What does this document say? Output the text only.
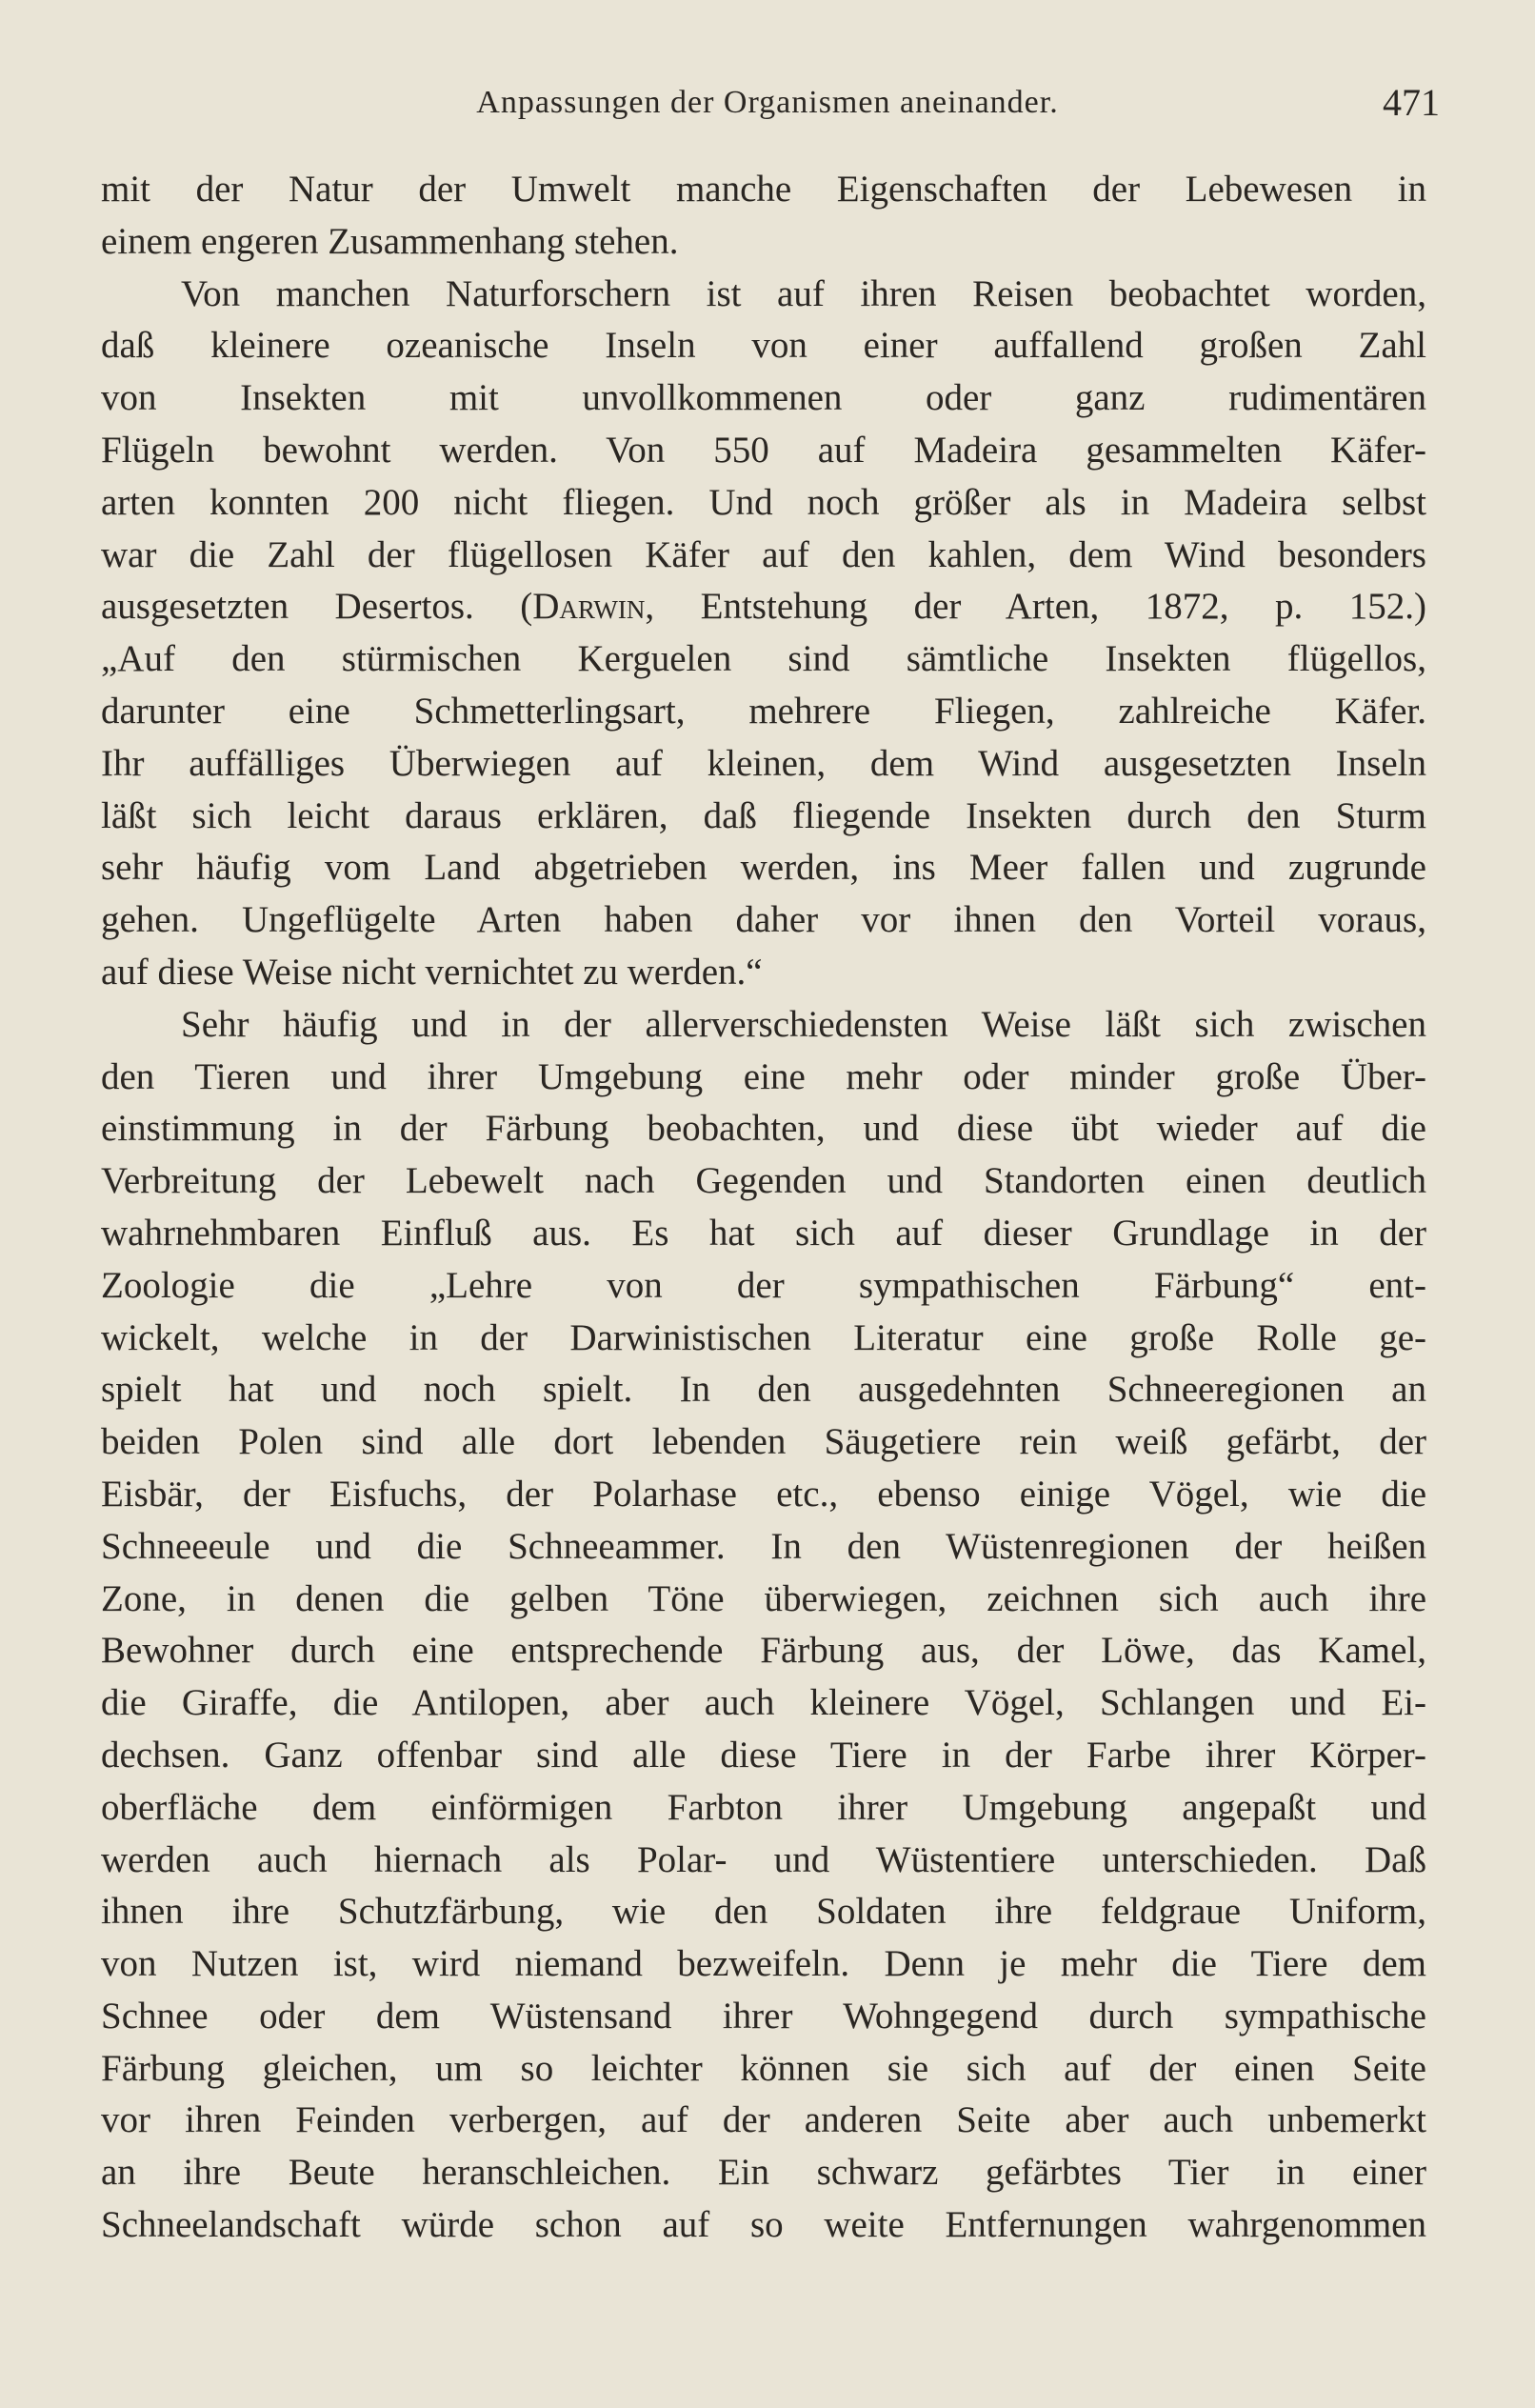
Anpassungen der Organismen aneinander.	471
mit der Natur der Umwelt manche Eigenschaften der Lebewesen in
einem engeren Zusammenhang stehen.
Von manchen Naturforschern ist auf ihren Reisen beobachtet worden,
daß kleinere ozeanische Inseln von einer auffallend großen Zahl
von Insekten mit unvollkommenen oder ganz rudimentären
Flügeln bewohnt werden. Von 550 auf Madeira gesammelten Käfer-
arten konnten 200 nicht fliegen. Und noch größer als in Madeira selbst
war die Zahl der flügellosen Käfer auf den kahlen, dem Wind besonders
ausgesetzten Desertos. (Darwin, Entstehung der Arten, 1872, p. 152.)
„Auf den stürmischen Kerguelen sind sämtliche Insekten flügellos,
darunter eine Schmetterlingsart, mehrere Fliegen, zahlreiche Käfer.
Ihr auffälliges Überwiegen auf kleinen, dem Wind ausgesetzten Inseln
läßt sich leicht daraus erklären, daß fliegende Insekten durch den Sturm
sehr häufig vom Land abgetrieben werden, ins Meer fallen und zugrunde
gehen. Ungeflügelte Arten haben daher vor ihnen den Vorteil voraus,
auf diese Weise nicht vernichtet zu werden.“
Sehr häufig und in der allerverschiedensten Weise läßt sich zwischen
den Tieren und ihrer Umgebung eine mehr oder minder große Über-
einstimmung in der Färbung beobachten, und diese übt wieder auf die
Verbreitung der Lebewelt nach Gegenden und Standorten einen deutlich
wahrnehmbaren Einfluß aus. Es hat sich auf dieser Grundlage in der
Zoologie die „Lehre von der sympathischen Färbung“ ent-
wickelt, welche in der Darwinistischen Literatur eine große Rolle ge-
spielt hat und noch spielt. In den ausgedehnten Schneeregionen an
beiden Polen sind alle dort lebenden Säugetiere rein weiß gefärbt, der
Eisbär, der Eisfuchs, der Polarhase etc., ebenso einige Vögel, wie die
Schneeeule und die Schneeammer. In den Wüstenregionen der heißen
Zone, in denen die gelben Töne überwiegen, zeichnen sich auch ihre
Bewohner durch eine entsprechende Färbung aus, der Löwe, das Kamel,
die Giraffe, die Antilopen, aber auch kleinere Vögel, Schlangen und Ei-
dechsen. Ganz offenbar sind alle diese Tiere in der Farbe ihrer Körper-
oberfläche dem einförmigen Farbton ihrer Umgebung angepaßt und
werden auch hiernach als Polar- und Wüstentiere unterschieden. Daß
ihnen ihre Schutzfärbung, wie den Soldaten ihre feldgraue Uniform,
von Nutzen ist, wird niemand bezweifeln. Denn je mehr die Tiere dem
Schnee oder dem Wüstensand ihrer Wohngegend durch sympathische
Färbung gleichen, um so leichter können sie sich auf der einen Seite
vor ihren Feinden verbergen, auf der anderen Seite aber auch unbemerkt
an ihre Beute heranschleichen. Ein schwarz gefärbtes Tier in einer
Schneelandschaft würde schon auf so weite Entfernungen wahrgenommen
